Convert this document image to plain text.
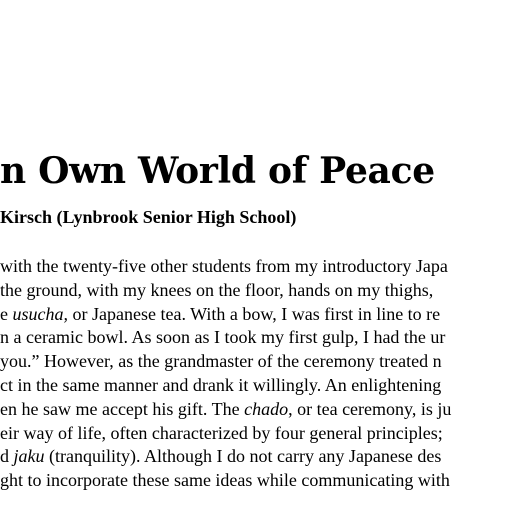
n Own World of Peace
Kirsch (Lynbrook Senior High School)
with the twenty-five other students from my introductory Japa
the ground, with my knees on the floor, hands on my thighs,
e usucha, or Japanese tea. With a bow, I was first in line to re
n a ceramic bowl. As soon as I took my first gulp, I had the ur
you.” However, as the grandmaster of the ceremony treated n
ct in the same manner and drank it willingly. An enlightening
en he saw me accept his gift. The chado, or tea ceremony, is ju
eir way of life, often characterized by four general principles;
d jaku (tranquility). Although I do not carry any Japanese des
ght to incorporate these same ideas while communicating with
